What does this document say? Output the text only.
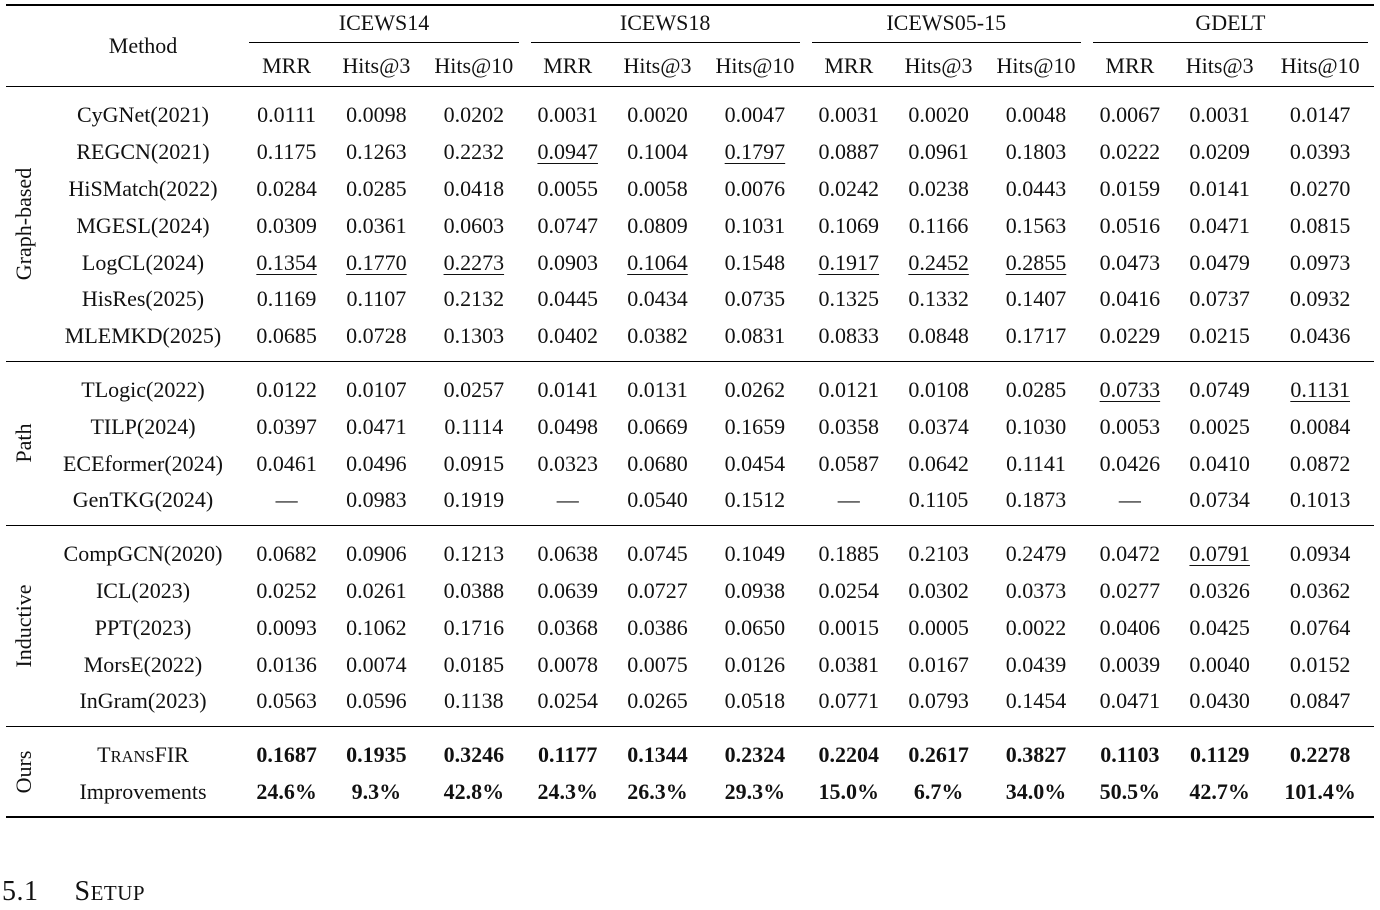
	Method	ICEWS14			ICEWS18			ICEWS05-15			GDELT		

		MRR	Hits@3	Hits@10	MRR	Hits@3	Hits@10	MRR	Hits@3	Hits@10	MRR	Hits@3	Hits@10

Graph-based	CyGNet(2021)	0.0111	0.0098	0.0202	0.0031	0.0020	0.0047	0.0031	0.0020	0.0048	0.0067	0.0031	0.0147
	REGCN(2021)	0.1175	0.1263	0.2232	0.0947	0.1004	0.1797	0.0887	0.0961	0.1803	0.0222	0.0209	0.0393
	HiSMatch(2022)	0.0284	0.0285	0.0418	0.0055	0.0058	0.0076	0.0242	0.0238	0.0443	0.0159	0.0141	0.0270
	MGESL(2024)	0.0309	0.0361	0.0603	0.0747	0.0809	0.1031	0.1069	0.1166	0.1563	0.0516	0.0471	0.0815
	LogCL(2024)	0.1354	0.1770	0.2273	0.0903	0.1064	0.1548	0.1917	0.2452	0.2855	0.0473	0.0479	0.0973
	HisRes(2025)	0.1169	0.1107	0.2132	0.0445	0.0434	0.0735	0.1325	0.1332	0.1407	0.0416	0.0737	0.0932
	MLEMKD(2025)	0.0685	0.0728	0.1303	0.0402	0.0382	0.0831	0.0833	0.0848	0.1717	0.0229	0.0215	0.0436

Path	TLogic(2022)	0.0122	0.0107	0.0257	0.0141	0.0131	0.0262	0.0121	0.0108	0.0285	0.0733	0.0749	0.1131
	TILP(2024)	0.0397	0.0471	0.1114	0.0498	0.0669	0.1659	0.0358	0.0374	0.1030	0.0053	0.0025	0.0084
	ECEformer(2024)	0.0461	0.0496	0.0915	0.0323	0.0680	0.0454	0.0587	0.0642	0.1141	0.0426	0.0410	0.0872
	GenTKG(2024)	—	0.0983	0.1919	—	0.0540	0.1512	—	0.1105	0.1873	—	0.0734	0.1013

Inductive	CompGCN(2020)	0.0682	0.0906	0.1213	0.0638	0.0745	0.1049	0.1885	0.2103	0.2479	0.0472	0.0791	0.0934
	ICL(2023)	0.0252	0.0261	0.0388	0.0639	0.0727	0.0938	0.0254	0.0302	0.0373	0.0277	0.0326	0.0362
	PPT(2023)	0.0093	0.1062	0.1716	0.0368	0.0386	0.0650	0.0015	0.0005	0.0022	0.0406	0.0425	0.0764
	MorsE(2022)	0.0136	0.0074	0.0185	0.0078	0.0075	0.0126	0.0381	0.0167	0.0439	0.0039	0.0040	0.0152
	InGram(2023)	0.0563	0.0596	0.1138	0.0254	0.0265	0.0518	0.0771	0.0793	0.1454	0.0471	0.0430	0.0847

Ours	TRANSFIR	0.1687	0.1935	0.3246	0.1177	0.1344	0.2324	0.2204	0.2617	0.3827	0.1103	0.1129	0.2278
	Improvements	24.6%	9.3%	42.8%	24.3%	26.3%	29.3%	15.0%	6.7%	34.0%	50.5%	42.7%	101.4%
5.1 SETUP
